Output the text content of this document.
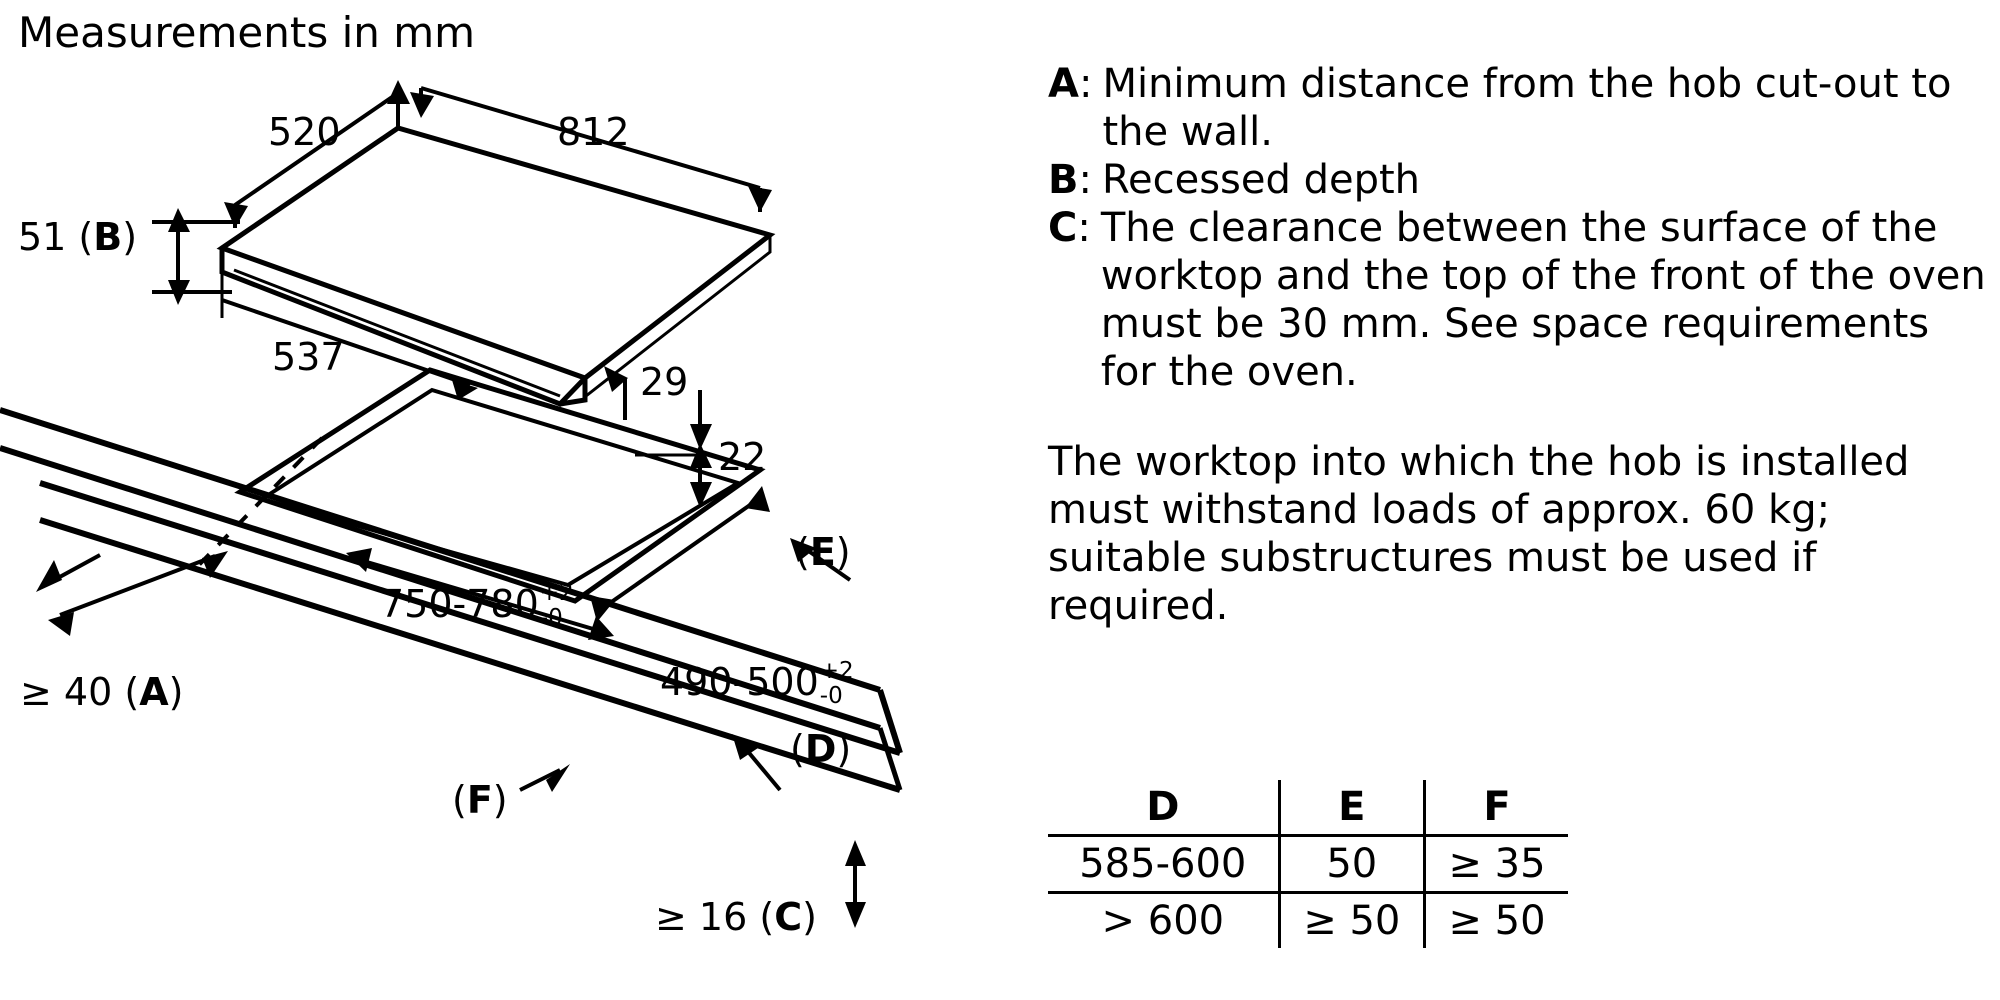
Measurements in mm
520	812
51 (B)
537
29
22
750-780 +2
-0
490-500 +2
-0
≥ 40 (A)
(E)
(D)
(F)
≥ 16 (C)
A : Minimum distance from the hob cut-out to the wall.
B : Recessed depth
C : The clearance between the surface of the worktop and the top of the front of the oven must be 30 mm. See space requirements for the oven.
The worktop into which the hob is installed must withstand loads of approx. 60 kg; suitable substructures must be used if required.
D	E	F
585-600	50	≥ 35
> 600	≥ 50	≥ 50
